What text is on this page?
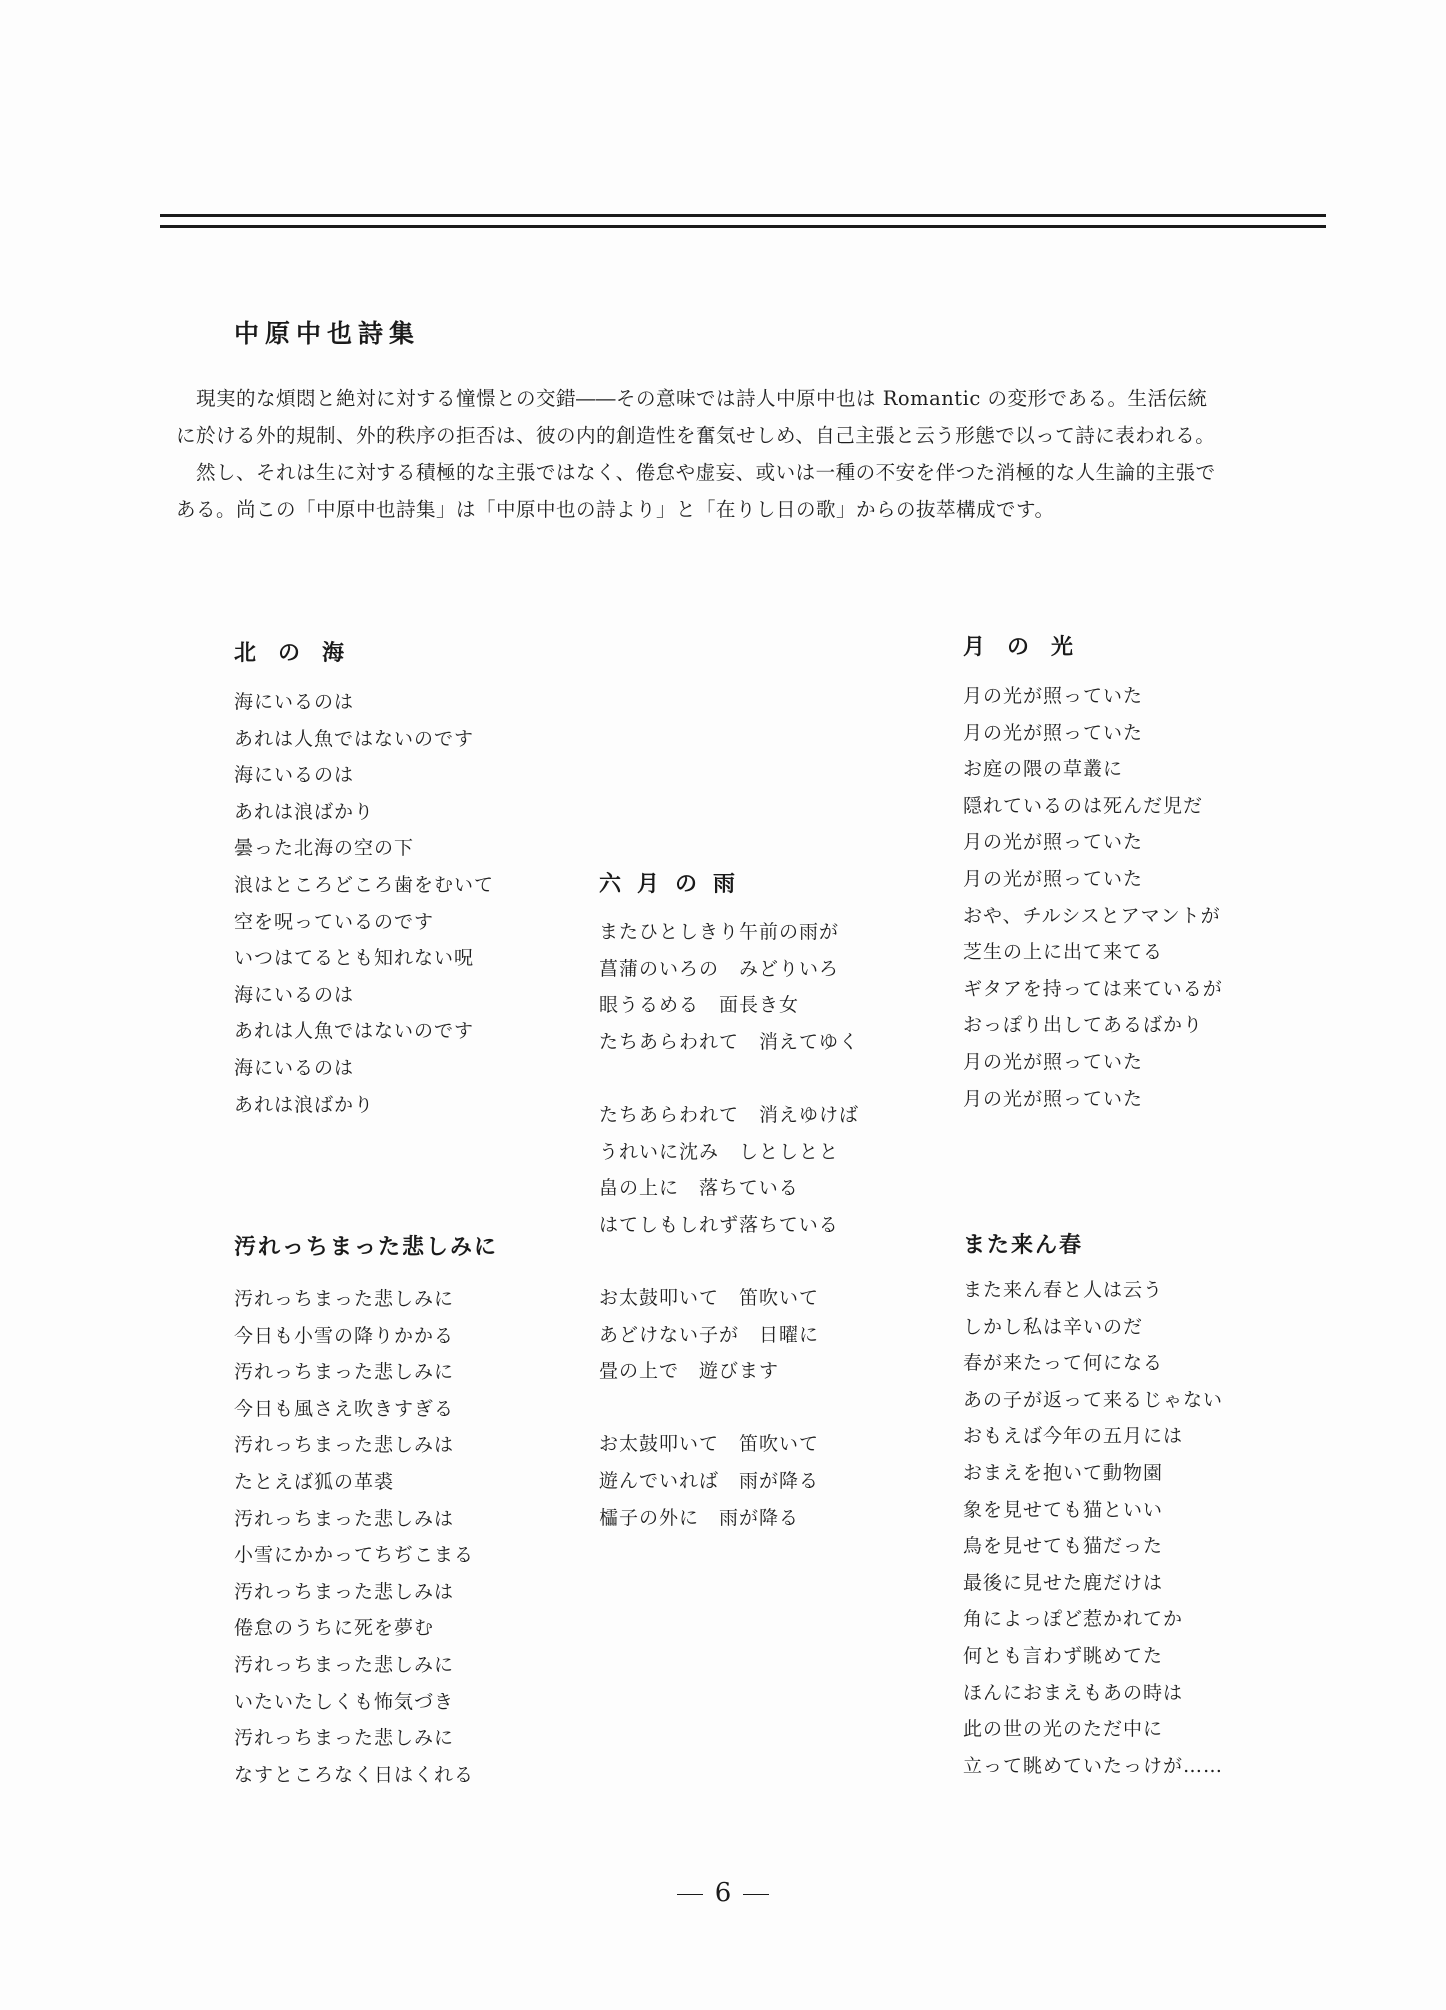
中原中也詩集

現実的な煩悶と絶対に対する憧憬との交錯――その意味では詩人中原中也は Romantic の変形である。生活伝統

に於ける外的規制、外的秩序の拒否は、彼の内的創造性を奮気せしめ、自己主張と云う形態で以って詩に表われる。

然し、それは生に対する積極的な主張ではなく、倦怠や虚妄、或いは一種の不安を伴つた消極的な人生論的主張で

ある。尚この「中原中也詩集」は「中原中也の詩より」と「在りし日の歌」からの抜萃構成です。

北の海
海にいるのは
あれは人魚ではないのです
海にいるのは
あれは浪ばかり
曇った北海の空の下
浪はところどころ歯をむいて
空を呪っているのです
いつはてるとも知れない呪
海にいるのは
あれは人魚ではないのです
海にいるのは
あれは浪ばかり
汚れっちまった悲しみに
汚れっちまった悲しみに
今日も小雪の降りかかる
汚れっちまった悲しみに
今日も風さえ吹きすぎる
汚れっちまった悲しみは
たとえば狐の革裘
汚れっちまった悲しみは
小雪にかかってちぢこまる
汚れっちまった悲しみは
倦怠のうちに死を夢む
汚れっちまった悲しみに
いたいたしくも怖気づき
汚れっちまった悲しみに
なすところなく日はくれる
六月の雨
またひとしきり午前の雨が
菖蒲のいろの　みどりいろ
眼うるめる　面長き女
たちあらわれて　消えてゆく
たちあらわれて　消えゆけば
うれいに沈み　しとしとと
畠の上に　落ちている
はてしもしれず落ちている
お太鼓叩いて　笛吹いて
あどけない子が　日曜に
畳の上で　遊びます
お太鼓叩いて　笛吹いて
遊んでいれば　雨が降る
櫺子の外に　雨が降る
月の光
月の光が照っていた
月の光が照っていた
お庭の隈の草叢に
隠れているのは死んだ児だ
月の光が照っていた
月の光が照っていた
おや、チルシスとアマントが
芝生の上に出て来てる
ギタアを持っては来ているが
おっぽり出してあるばかり
月の光が照っていた
月の光が照っていた
また来ん春
また来ん春と人は云う
しかし私は辛いのだ
春が来たって何になる
あの子が返って来るじゃない
おもえば今年の五月には
おまえを抱いて動物園
象を見せても猫といい
鳥を見せても猫だった
最後に見せた鹿だけは
角によっぽど惹かれてか
何とも言わず眺めてた
ほんにおまえもあの時は
此の世の光のただ中に
立って眺めていたっけが……
6
